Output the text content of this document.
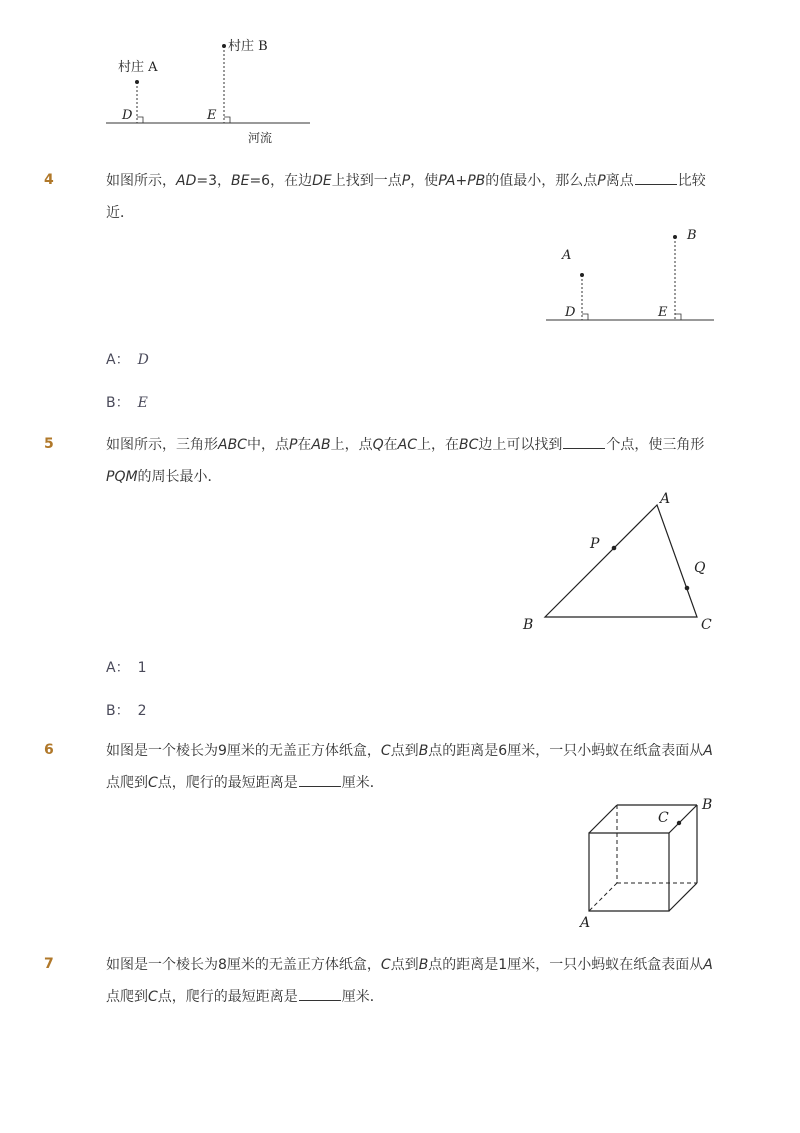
村庄 A
村庄 B
D	E
河流
4	如图所示，AD=3，BE=6，在边DE上找到一点P，使PA+PB的值最小，那么点P离点	比较近．
A
B
D	E
A： D
B： E
5	如图所示，三角形ABC中，点P在AB上，点Q在AC上，在BC边上可以找到	个点，使三角形PQM的周长最小．
A
B	C
P
Q
A： 1
B： 2
6	如图是一个棱长为9厘米的无盖正方体纸盒，C点到B点的距离是6厘米，一只小蚂蚁在纸盒表面从A点爬到C点，爬行的最短距离是	厘米．
C
B
A
7	如图是一个棱长为8厘米的无盖正方体纸盒，C点到B点的距离是1厘米，一只小蚂蚁在纸盒表面从A点爬到C点，爬行的最短距离是	厘米．
